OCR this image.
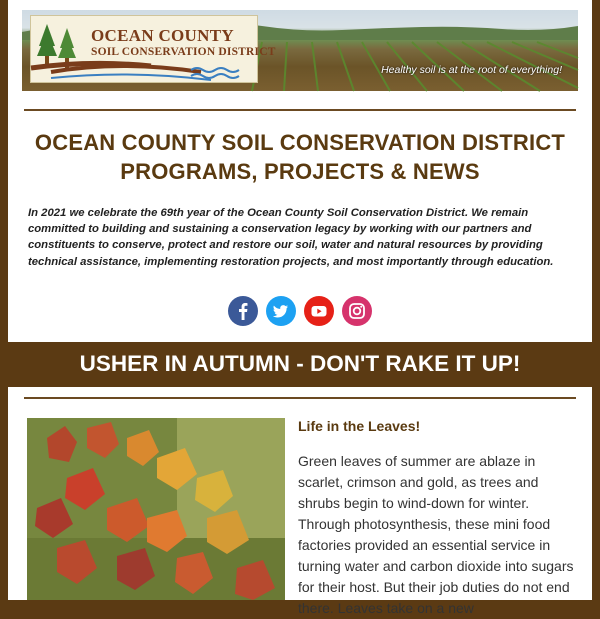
OCEAN COUNTY
SOIL CONSERVATION DISTRICT
Healthy soil is at the root of everything!
OCEAN COUNTY SOIL CONSERVATION DISTRICT PROGRAMS, PROJECTS & NEWS

In 2021 we celebrate the 69th year of the Ocean County Soil Conservation District. We remain committed to building and sustaining a conservation legacy by working with our partners and constituents to conserve, protect and restore our soil, water and natural resources by providing technical assistance, implementing restoration projects, and most importantly through education.

USHER IN AUTUMN - DON'T RAKE IT UP!
Life in the Leaves!

Green leaves of summer are ablaze in scarlet, crimson and gold, as trees and shrubs begin to wind-down for winter. Through photosynthesis, these mini food factories provided an essential service in turning water and carbon dioxide into sugars for their host. But their job duties do not end there. Leaves take on a new
